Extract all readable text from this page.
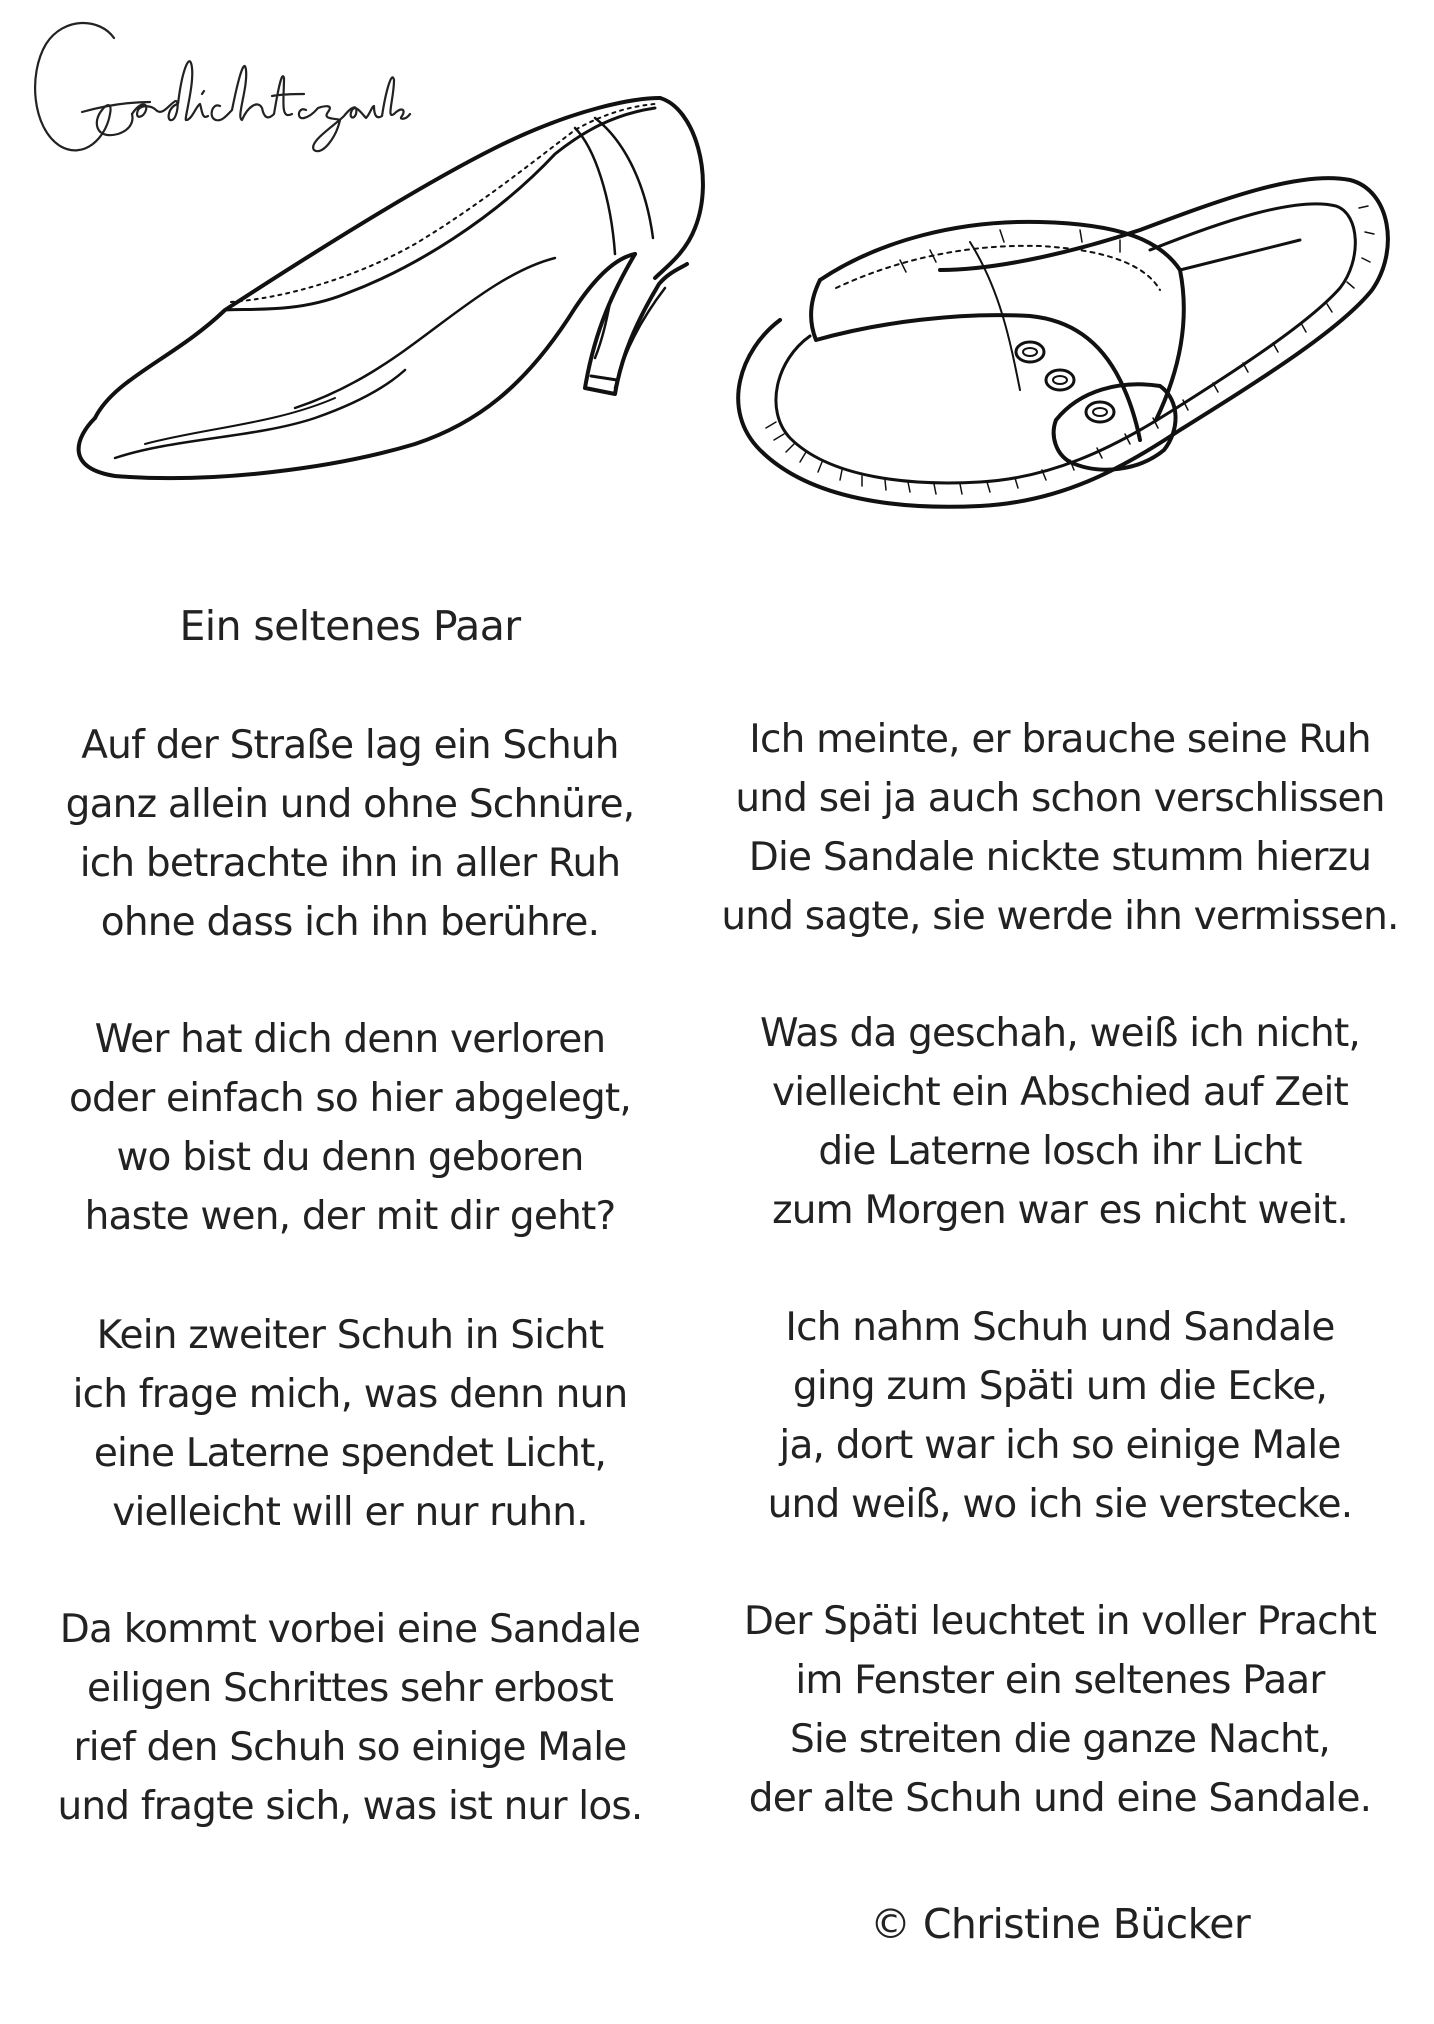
Ein seltenes Paar
Auf der Straße lag ein Schuh
ganz allein und ohne Schnüre,
ich betrachte ihn in aller Ruh
ohne dass ich ihn berühre.
Wer hat dich denn verloren
oder einfach so hier abgelegt,
wo bist du denn geboren
haste wen, der mit dir geht?
Kein zweiter Schuh in Sicht
ich frage mich, was denn nun
eine Laterne spendet Licht,
vielleicht will er nur ruhn.
Da kommt vorbei eine Sandale
eiligen Schrittes sehr erbost
rief den Schuh so einige Male
und fragte sich, was ist nur los.
Ich meinte, er brauche seine Ruh
und sei ja auch schon verschlissen
Die Sandale nickte stumm hierzu
und sagte, sie werde ihn vermissen.
Was da geschah, weiß ich nicht,
vielleicht ein Abschied auf Zeit
die Laterne losch ihr Licht
zum Morgen war es nicht weit.
Ich nahm Schuh und Sandale
ging zum Späti um die Ecke,
ja, dort war ich so einige Male
und weiß, wo ich sie verstecke.
Der Späti leuchtet in voller Pracht
im Fenster ein seltenes Paar
Sie streiten die ganze Nacht,
der alte Schuh und eine Sandale.
© Christine Bücker
